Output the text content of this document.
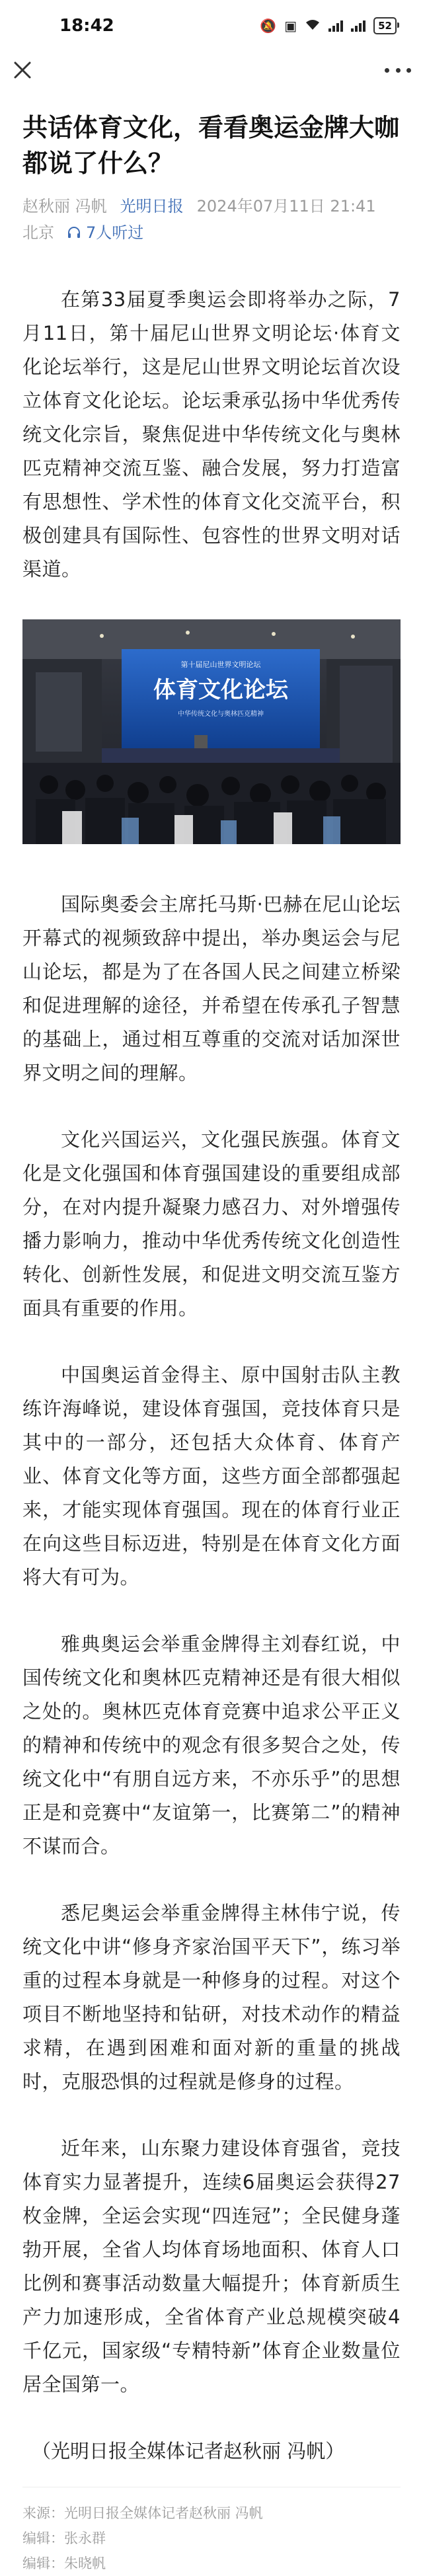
18:42	🔕 ▣	52
共话体育文化，看看奥运金牌大咖都说了什么？
赵秋丽 冯帆 光明日报 2024年07月11日 21:41
北京 7人听过

在第33届夏季奥运会即将举办之际，7月11日，第十届尼山世界文明论坛·体育文化论坛举行，这是尼山世界文明论坛首次设立体育文化论坛。论坛秉承弘扬中华优秀传统文化宗旨，聚焦促进中华传统文化与奥林匹克精神交流互鉴、融合发展，努力打造富有思想性、学术性的体育文化交流平台，积极创建具有国际性、包容性的世界文明对话渠道。

第十届尼山世界文明论坛
体育文化论坛
中华传统文化与奥林匹克精神

国际奥委会主席托马斯·巴赫在尼山论坛开幕式的视频致辞中提出，举办奥运会与尼山论坛，都是为了在各国人民之间建立桥梁和促进理解的途径，并希望在传承孔子智慧的基础上，通过相互尊重的交流对话加深世界文明之间的理解。

文化兴国运兴，文化强民族强。体育文化是文化强国和体育强国建设的重要组成部分，在对内提升凝聚力感召力、对外增强传播力影响力，推动中华优秀传统文化创造性转化、创新性发展，和促进文明交流互鉴方面具有重要的作用。

中国奥运首金得主、原中国射击队主教练许海峰说，建设体育强国，竞技体育只是其中的一部分，还包括大众体育、体育产业、体育文化等方面，这些方面全部都强起来，才能实现体育强国。现在的体育行业正在向这些目标迈进，特别是在体育文化方面将大有可为。

雅典奥运会举重金牌得主刘春红说，中国传统文化和奥林匹克精神还是有很大相似之处的。奥林匹克体育竞赛中追求公平正义的精神和传统中的观念有很多契合之处，传统文化中“有朋自远方来，不亦乐乎”的思想正是和竞赛中“友谊第一，比赛第二”的精神不谋而合。

悉尼奥运会举重金牌得主林伟宁说，传统文化中讲“修身齐家治国平天下”，练习举重的过程本身就是一种修身的过程。对这个项目不断地坚持和钻研，对技术动作的精益求精，在遇到困难和面对新的重量的挑战时，克服恐惧的过程就是修身的过程。

近年来，山东聚力建设体育强省，竞技体育实力显著提升，连续6届奥运会获得27枚金牌，全运会实现“四连冠”；全民健身蓬勃开展，全省人均体育场地面积、体育人口比例和赛事活动数量大幅提升；体育新质生产力加速形成，全省体育产业总规模突破4千亿元，国家级“专精特新”体育企业数量位居全国第一。

（光明日报全媒体记者赵秋丽 冯帆）
来源：光明日报全媒体记者赵秋丽 冯帆
编辑：张永群
编辑：朱晓帆
